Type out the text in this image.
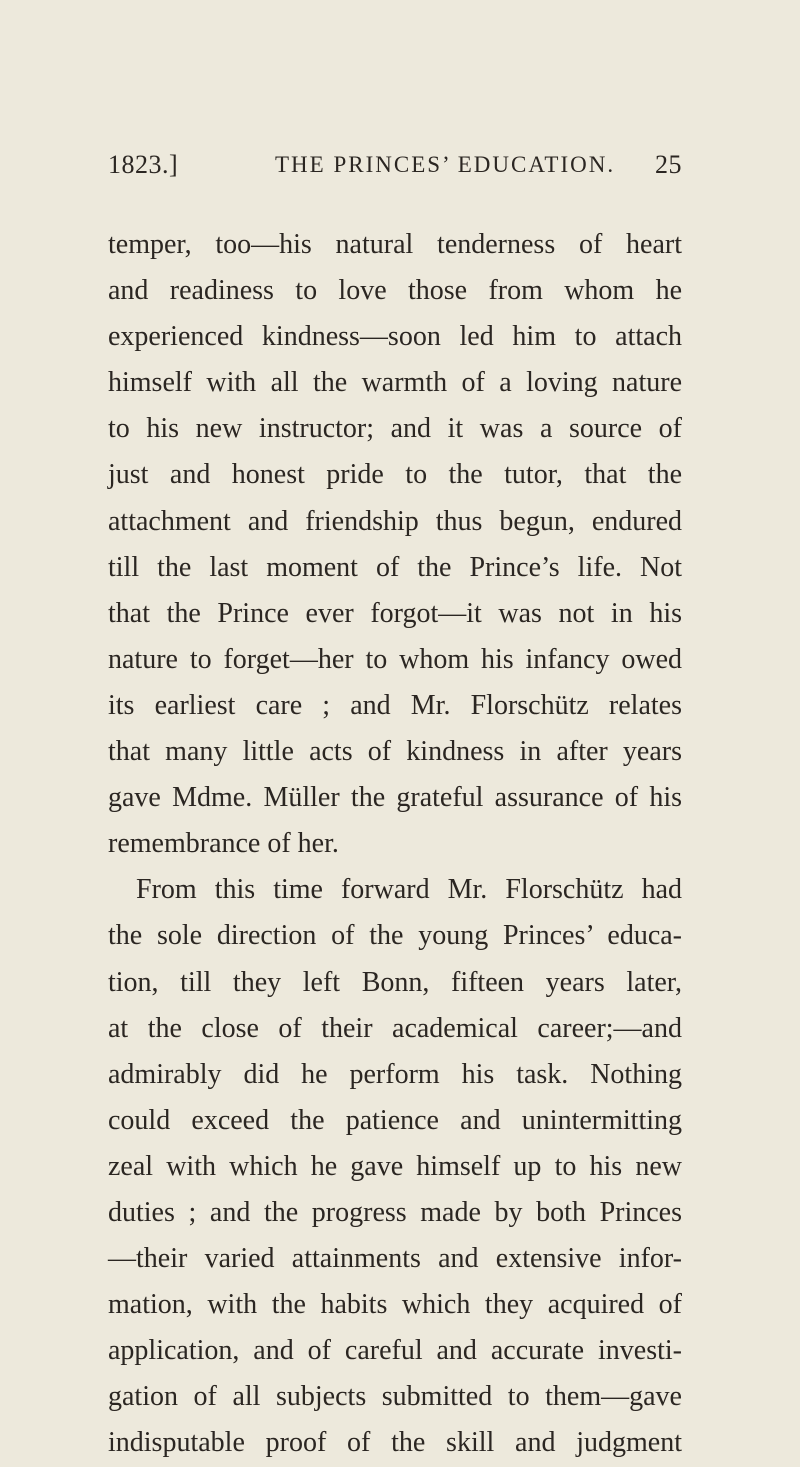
1823.]	THE PRINCES’ EDUCATION. 25
temper, too—his natural tenderness of heart
and readiness to love those from whom he
experienced kindness—soon led him to attach
himself with all the warmth of a loving nature
to his new instructor; and it was a source of
just and honest pride to the tutor, that the
attachment and friendship thus begun, endured
till the last moment of the Prince’s life. Not
that the Prince ever forgot—it was not in his
nature to forget—her to whom his infancy owed
its earliest care ; and Mr. Florschütz relates
that many little acts of kindness in after years
gave Mdme. Müller the grateful assurance of his
remembrance of her.
From this time forward Mr. Florschütz had
the sole direction of the young Princes’ educa-
tion, till they left Bonn, fifteen years later,
at the close of their academical career;—and
admirably did he perform his task. Nothing
could exceed the patience and unintermitting
zeal with which he gave himself up to his new
duties ; and the progress made by both Princes
—their varied attainments and extensive infor-
mation, with the habits which they acquired of
application, and of careful and accurate investi-
gation of all subjects submitted to them—gave
indisputable proof of the skill and judgment
